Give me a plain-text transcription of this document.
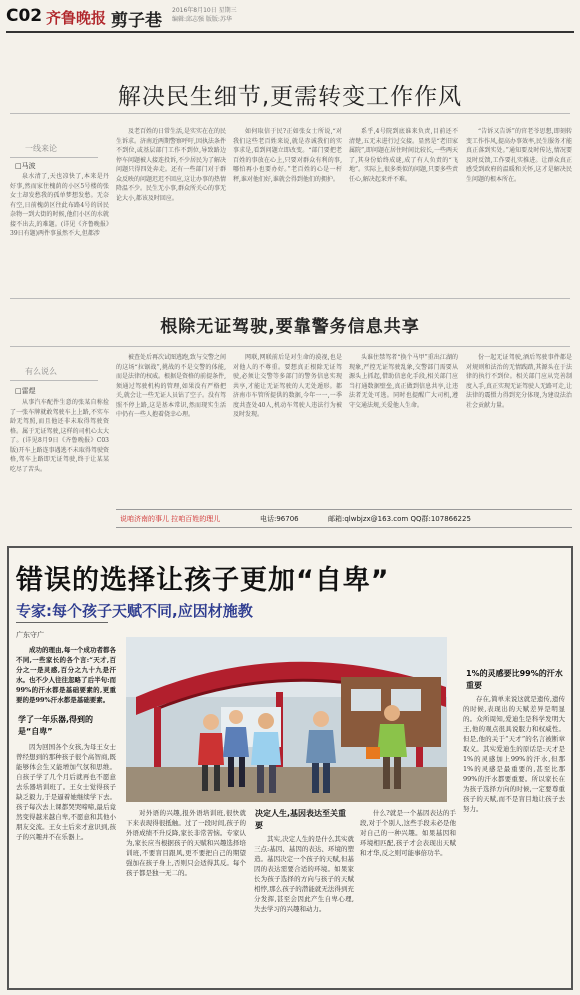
C02 齐鲁晚报 剪子巷
2016年8月10日 星期三
编辑:邱志强 版版:苏华
解决民生细节,更需转变工作作风
一线来论
□马波

泉水清了,天也凉快了,本来是丹好事,然而家住槐荫的小区5号楼的张女士却发愁我的孤单梦想发愁。无奈有空,日前槐荫区往此布路4号的居民杂物一到大街的时候,他们小区的水就接不出去,的难题。(详见《齐鲁晚报》39日有题)两件事虽然不大,但都涉

及老百姓的日常生活,是实实在在的民生诉求。济南近两期警察呼吁,因执法条件不到位,或基层部门工作不到位,导致路边停车问题被人接连投诉,不少居民为了解决问题只得四处奔走。还有一些部门对于群众反映的问题迟迟不回应,这让办事的热情降温不少。民生无小事,群众所关心的事无论大小,都该及时回应。

如何取信于民?正如张女士所说,“对我们这些老百姓来说,就是赤诚我们的实事求是,看到问题立即改变。“部门要把老百姓的事放在心上,只要对群众有利的事,哪怕再小也要办好。”老百姓的心是一杆秤,谁对他们好,谁就会得到他们的拥护。

系乎,4号院到底谁来负责,目前还不清楚,五无未进行过交接。显然是“老旧家属院”,即问题在居住时间比较长,一些两天了,其身份始终成谜,成了有人负责的“飞地”。实际上,很多类似的问题,只要多些责任心,解决起来并不难。

“告诉又告诉”的官老爷思想,即刻转变工作作风,提高办事效率,民生服务才能真正落到实处。”通知要及时传达,情况要及时反馈,工作要扎实推进。让群众真正感受到政府的温暖和关怀,这才是解决民生问题的根本所在。

根除无证驾驶,要靠警务信息共享
有么说么
□雷煜

从事汽车配件生意的张某自称捡了一张车牌就敢驾驶车上上路,不实车龄无驾照,而且他还非未取得驾驶资格。属于无证驾驶,这样的司机心太大了。(详见8月9日《齐鲁晚报》C03版)开车上路连事遇逃不未取得驾驶资格,驾车上路即无证驾驶,终于让某某吃尽了苦头。

被查处后再次试图逃跑,致与交警之间的这场“拉锯战”,挑战的不是交警的体能,而是法律的权威。根据是资格的前提条件,须通过驾驶机构的管理,如果没有严格把关,就会让一些无证人员钻了空子。没有驾照不停上路,这是基本常识,然而现实生活中仍有一些人抱着侥幸心理。

网联,网联前后是对生命的漠视,也是对他人的不尊重。要想真正根除无证驾驶,必须让交警等多部门的警务信息实现共享,才能让无证驾驶的人无处遁形。都济南市车管所提供的数据,今年一一,一季度共查处40人,机动车驾驶人违法行为被及时发现。

头谁住禁驾者“换个马甲”重出江湖的现象,严控无证驾驶乱象,交警部门需要从源头上抓起,借助信息化手段,相关部门应当打通数据壁垒,真正做到信息共享,让违法者无处可逃。同时也提醒广大司机,遵守交通法规,关爱他人生命。

份一起无证驾驶,酒后驾驶事件都是对规则和法治的无情践踏,其源头在于法律的执行不到位。相关部门应从完善制度入手,真正实现无证驾驶人无路可走,让法律的震慑力得到充分体现,为建设法治社会贡献力量。

说咱济南的事儿 拉咱百姓的理儿	电话:96706	邮箱:qlwbjzx@163.com QQ群:107866225
错误的选择让孩子更加“自卑”
专家:每个孩子天赋不同,应因材施教
广东守广

成功的理由,每一个成功者都各不同,一些家长的各个言:“天才,百分之一是灵感,百分之九十九是汗水。也不少人往往忽略了后半句:而99%的汗水都是基础要素的,更重要的是99%汗水都是基础要素。

学了一年乐器,得到的是“自卑”

因为回国各个女孩,为母王女士曾经想到的那种孩子很个高智商,既能够体会生又能增加气氛和思维。自孩子学了几个月后就再也不愿意去乐器培训班了。王女士觉得孩子缺乏毅力,于是逼着她继续学下去。孩子每次去上课都哭哭啼啼,最后竟然变得越来越自卑,不愿意和其他小朋友交流。王女士后来才意识到,孩子的兴趣并不在乐器上。

对外语的兴趣,报外语培训班,很快就下来表现得很抵触。过了一段时间,孩子的外语成绩不升反降,家长非常苦恼。专家认为,家长应当根据孩子的天赋和兴趣选择培训班,不要盲目跟风,更不要把自己的期望强加在孩子身上,否则只会适得其反。每个孩子都是独一无二的。

决定人生,基因表达至关重要

其实,决定人生的是什么其实就三点:基因、基因的表达、环境的塑造。基因决定一个孩子的天赋,但基因的表达需要合适的环境。如果家长为孩子选择的方向与孩子的天赋相悖,那么孩子的潜能就无法得到充分发挥,甚至会因此产生自卑心理,失去学习的兴趣和动力。

什么?就是一个基因表达的手段,对于个别人,这些手段未必是他对自己的一种兴趣。如果基因和环境相匹配,孩子才会表现出天赋和才华,反之则可能事倍功半。

1%的灵感要比99%的汗水重要

存在,简单来说这就是遗传,遗传的时候,表现出的天赋差异是明显的。众所周知,爱迪生是科学发明大王,他的观点很具说服力和权威性。但是,他的关于“天才”的名言被断章取义。其实爱迪生的原话是:天才是1%的灵感加上99%的汗水,但那1%的灵感是最重要的,甚至比那99%的汗水都要重要。所以家长在为孩子选择方向的时候,一定要尊重孩子的天赋,而不是盲目地让孩子去努力。
